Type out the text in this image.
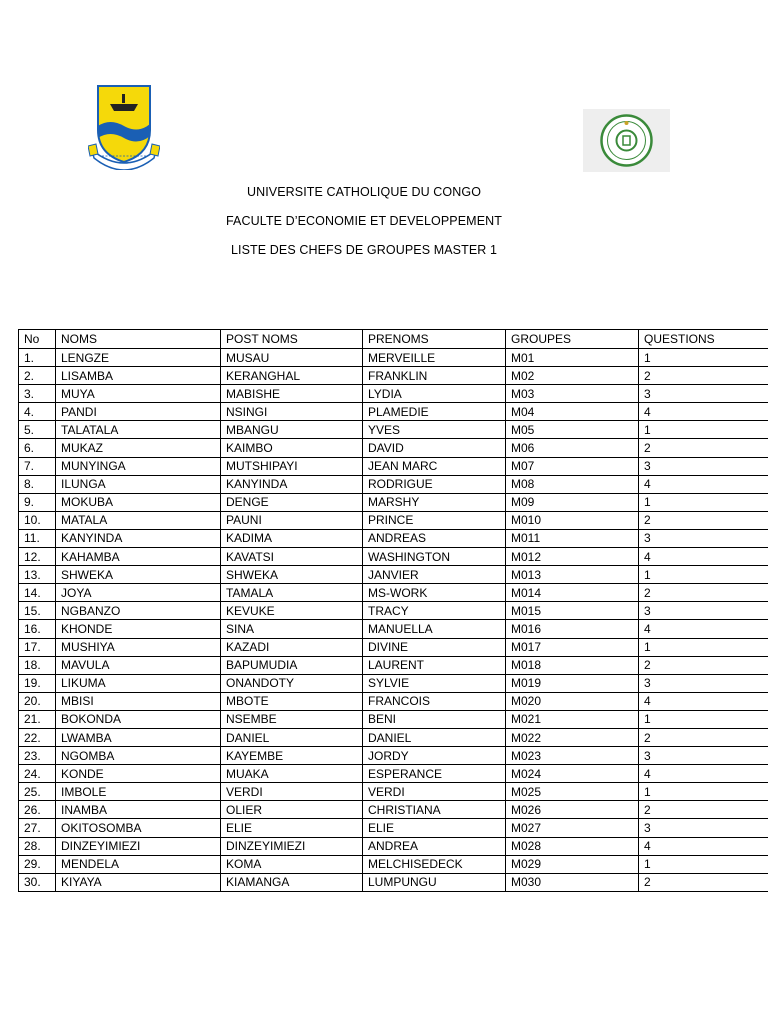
UNIVERSITE CATHOLIQUE DU CONGO
FACULTE D’ECONOMIE ET DEVELOPPEMENT
LISTE DES CHEFS DE GROUPES MASTER 1
No	NOMS	POST NOMS	PRENOMS	GROUPES	QUESTIONS
1.	LENGZE	MUSAU	MERVEILLE	M01	1
2.	LISAMBA	KERANGHAL	FRANKLIN	M02	2
3.	MUYA	MABISHE	LYDIA	M03	3
4.	PANDI	NSINGI	PLAMEDIE	M04	4
5.	TALATALA	MBANGU	YVES	M05	1
6.	MUKAZ	KAIMBO	DAVID	M06	2
7.	MUNYINGA	MUTSHIPAYI	JEAN MARC	M07	3
8.	ILUNGA	KANYINDA	RODRIGUE	M08	4
9.	MOKUBA	DENGE	MARSHY	M09	1
10.	MATALA	PAUNI	PRINCE	M010	2
11.	KANYINDA	KADIMA	ANDREAS	M011	3
12.	KAHAMBA	KAVATSI	WASHINGTON	M012	4
13.	SHWEKA	SHWEKA	JANVIER	M013	1
14.	JOYA	TAMALA	MS-WORK	M014	2
15.	NGBANZO	KEVUKE	TRACY	M015	3
16.	KHONDE	SINA	MANUELLA	M016	4
17.	MUSHIYA	KAZADI	DIVINE	M017	1
18.	MAVULA	BAPUMUDIA	LAURENT	M018	2
19.	LIKUMA	ONANDOTY	SYLVIE	M019	3
20.	MBISI	MBOTE	FRANCOIS	M020	4
21.	BOKONDA	NSEMBE	BENI	M021	1
22.	LWAMBA	DANIEL	DANIEL	M022	2
23.	NGOMBA	KAYEMBE	JORDY	M023	3
24.	KONDE	MUAKA	ESPERANCE	M024	4
25.	IMBOLE	VERDI	VERDI	M025	1
26.	INAMBA	OLIER	CHRISTIANA	M026	2
27.	OKITOSOMBA	ELIE	ELIE	M027	3
28.	DINZEYIMIEZI	DINZEYIMIEZI	ANDREA	M028	4
29.	MENDELA	KOMA	MELCHISEDECK	M029	1
30.	KIYAYA	KIAMANGA	LUMPUNGU	M030	2
